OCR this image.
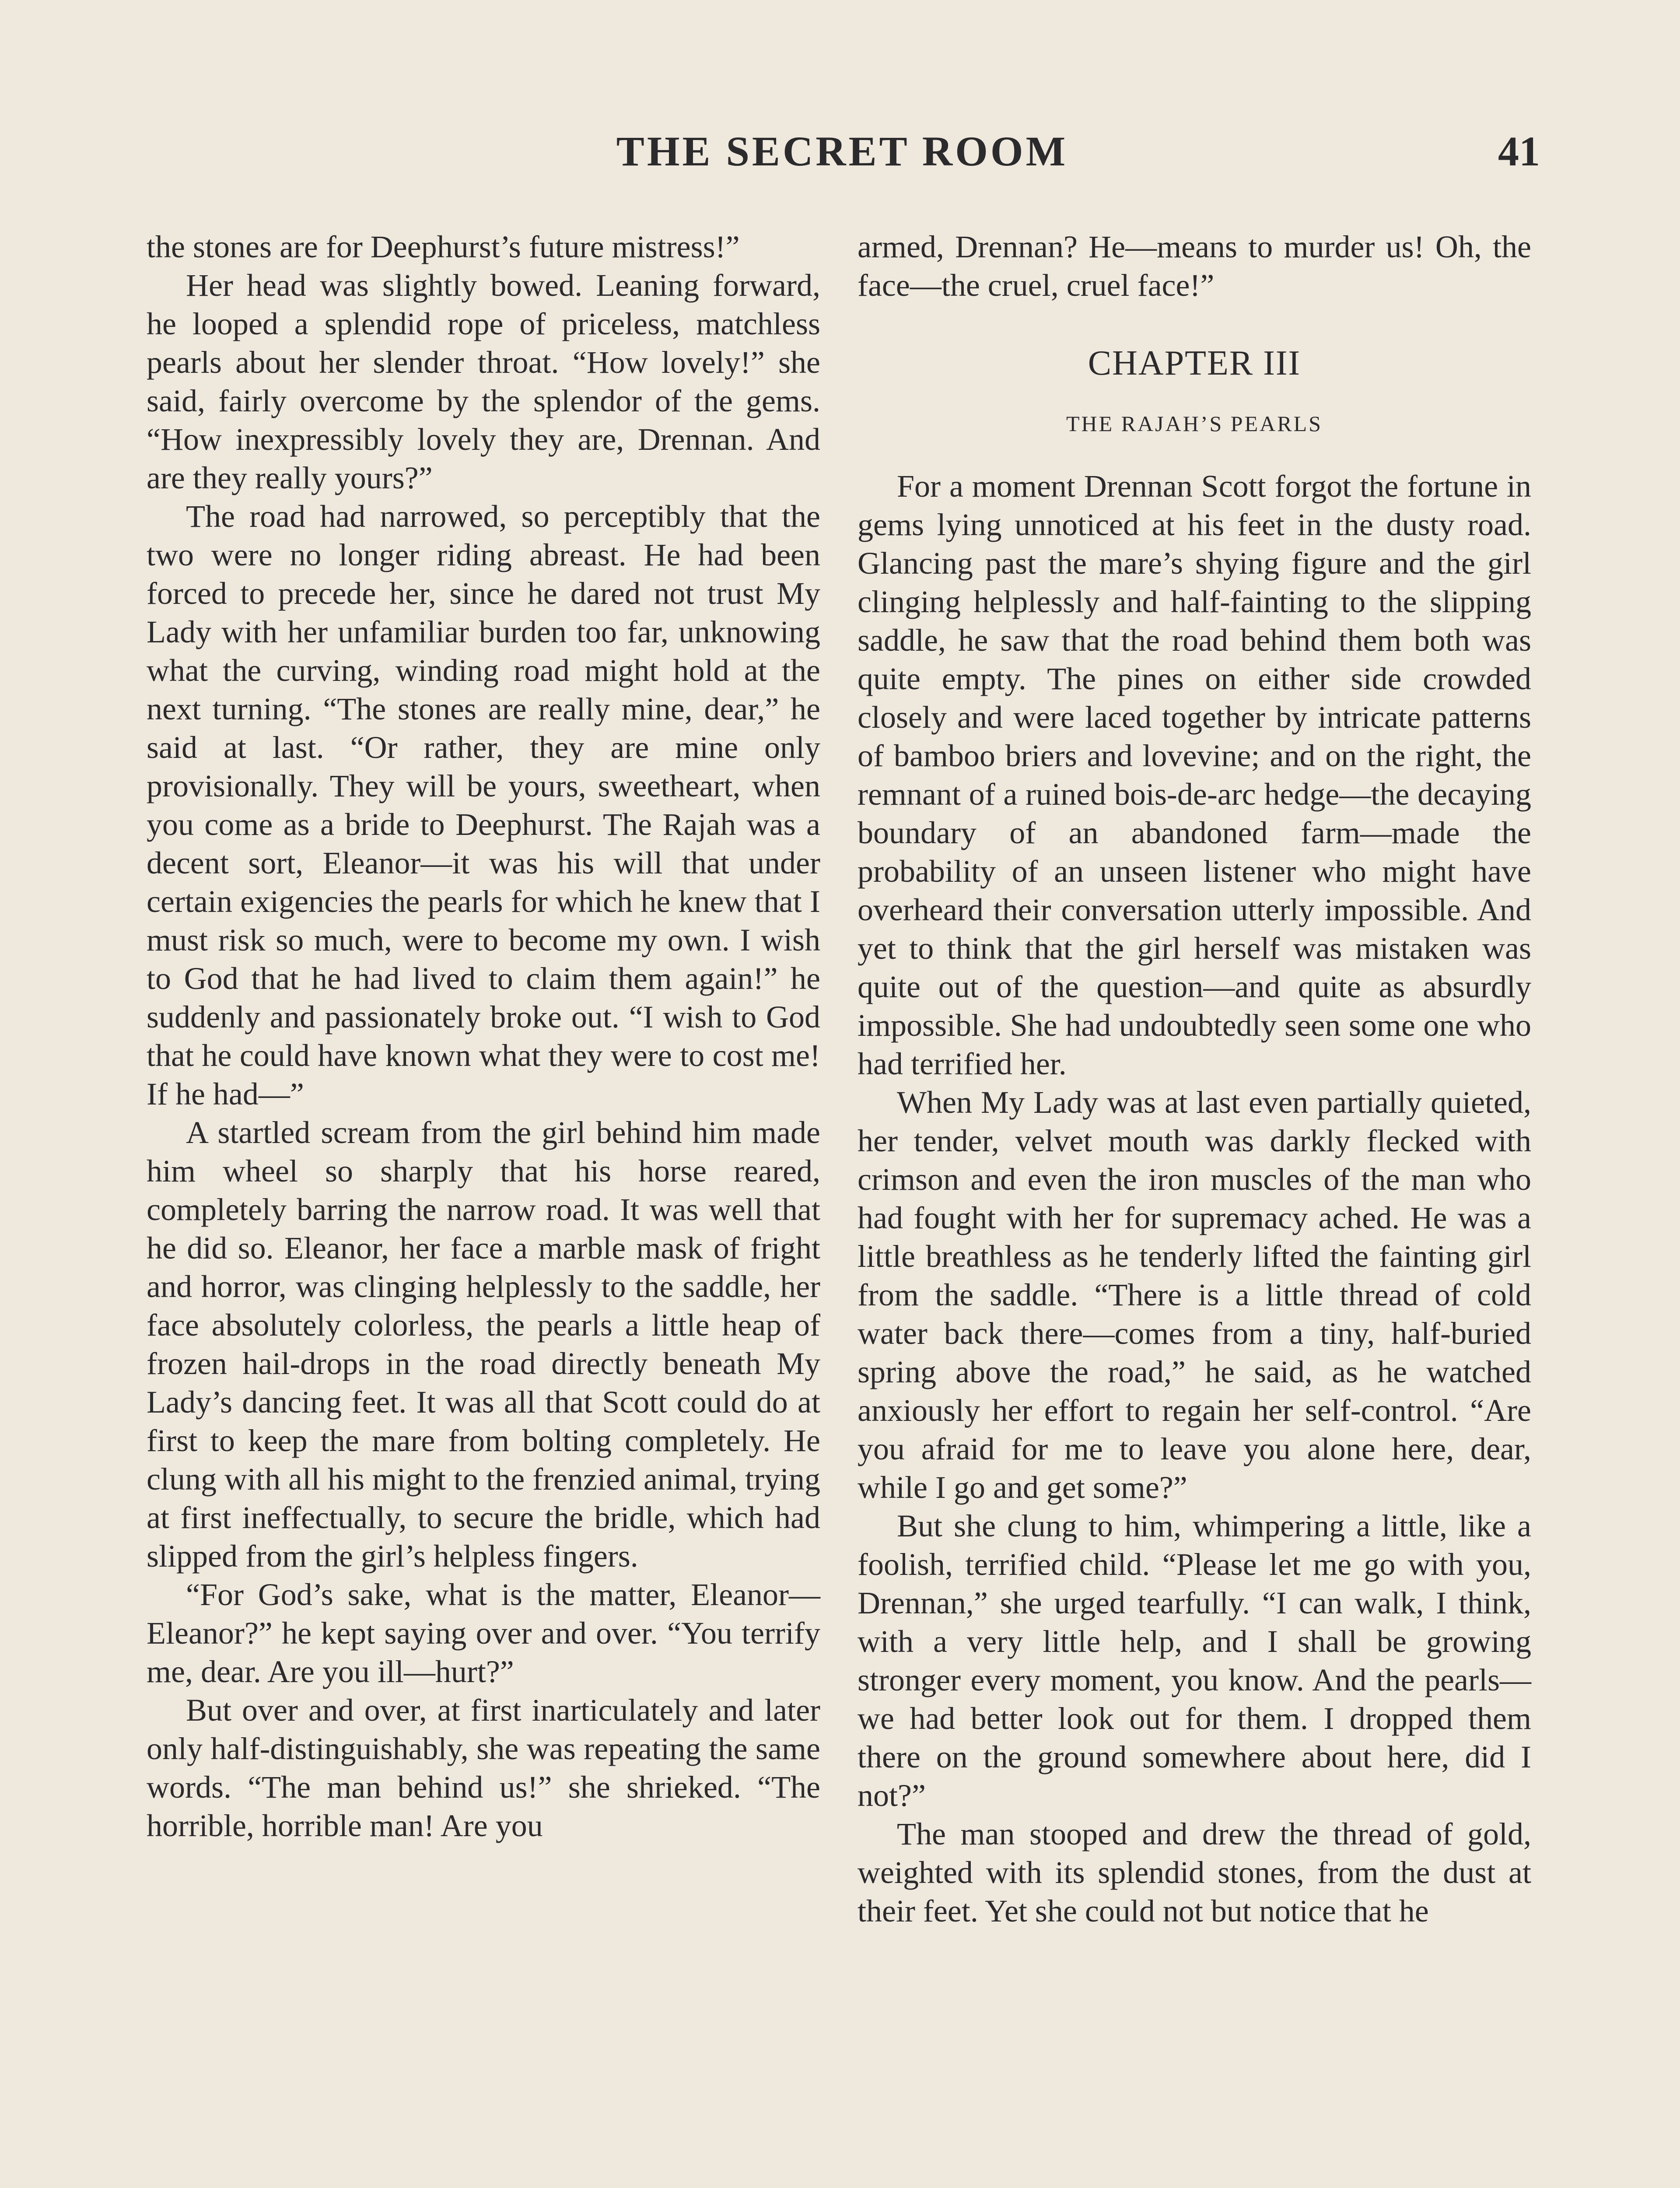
THE SECRET ROOM	41

the stones are for Deephurst’s future mistress!”

Her head was slightly bowed. Leaning forward, he looped a splendid rope of priceless, matchless pearls about her slender throat. “How lovely!” she said, fairly overcome by the splendor of the gems. “How inexpressibly lovely they are, Drennan. And are they really yours?”

The road had narrowed, so perceptibly that the two were no longer riding abreast. He had been forced to precede her, since he dared not trust My Lady with her unfamiliar burden too far, unknowing what the curving, winding road might hold at the next turning. “The stones are really mine, dear,” he said at last. “Or rather, they are mine only provisionally. They will be yours, sweetheart, when you come as a bride to Deephurst. The Rajah was a decent sort, Eleanor—it was his will that under certain exigencies the pearls for which he knew that I must risk so much, were to become my own. I wish to God that he had lived to claim them again!” he suddenly and passionately broke out. “I wish to God that he could have known what they were to cost me! If he had—”

A startled scream from the girl behind him made him wheel so sharply that his horse reared, completely barring the narrow road. It was well that he did so. Eleanor, her face a marble mask of fright and horror, was clinging helplessly to the saddle, her face absolutely colorless, the pearls a little heap of frozen hail-drops in the road directly beneath My Lady’s dancing feet. It was all that Scott could do at first to keep the mare from bolting completely. He clung with all his might to the frenzied animal, trying at first ineffectually, to secure the bridle, which had slipped from the girl’s helpless fingers.

“For God’s sake, what is the matter, Eleanor—Eleanor?” he kept saying over and over. “You terrify me, dear. Are you ill—hurt?”

But over and over, at first inarticulately and later only half-distinguishably, she was repeating the same words. “The man behind us!” she shrieked. “The horrible, horrible man! Are you

armed, Drennan? He—means to murder us! Oh, the face—the cruel, cruel face!”

CHAPTER III
THE RAJAH’S PEARLS

For a moment Drennan Scott forgot the fortune in gems lying unnoticed at his feet in the dusty road. Glancing past the mare’s shying figure and the girl clinging helplessly and half-fainting to the slipping saddle, he saw that the road behind them both was quite empty. The pines on either side crowded closely and were laced together by intricate patterns of bamboo briers and lovevine; and on the right, the remnant of a ruined bois-de-arc hedge—the decaying boundary of an abandoned farm—made the probability of an unseen listener who might have overheard their conversation utterly impossible. And yet to think that the girl herself was mistaken was quite out of the question—and quite as absurdly impossible. She had undoubtedly seen some one who had terrified her.

When My Lady was at last even partially quieted, her tender, velvet mouth was darkly flecked with crimson and even the iron muscles of the man who had fought with her for supremacy ached. He was a little breathless as he tenderly lifted the fainting girl from the saddle. “There is a little thread of cold water back there—comes from a tiny, half-buried spring above the road,” he said, as he watched anxiously her effort to regain her self-control. “Are you afraid for me to leave you alone here, dear, while I go and get some?”

But she clung to him, whimpering a little, like a foolish, terrified child. “Please let me go with you, Drennan,” she urged tearfully. “I can walk, I think, with a very little help, and I shall be growing stronger every moment, you know. And the pearls—we had better look out for them. I dropped them there on the ground somewhere about here, did I not?”

The man stooped and drew the thread of gold, weighted with its splendid stones, from the dust at their feet. Yet she could not but notice that he
